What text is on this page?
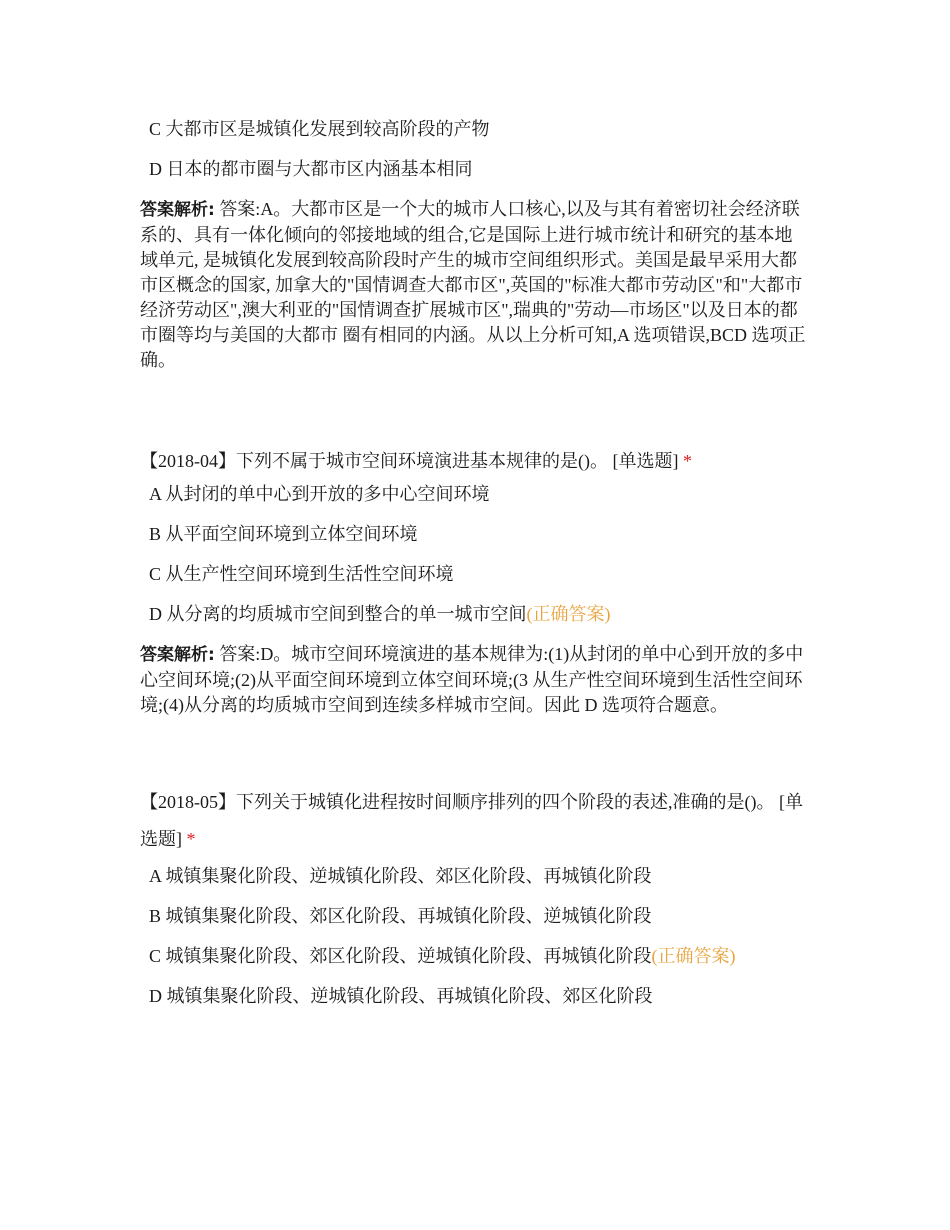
C 大都市区是城镇化发展到较高阶段的产物
D 日本的都市圈与大都市区内涵基本相同

答案解析: 答案:A。大都市区是一个大的城市人口核心,以及与其有着密切社会经济联 系的、具有一体化倾向的邻接地域的组合,它是国际上进行城市统计和研究的基本地域单元, 是城镇化发展到较高阶段时产生的城市空间组织形式。美国是最早采用大都市区概念的国家, 加拿大的"国情调查大都市区",英国的"标准大都市劳动区"和"大都市经济劳动区",澳大利亚的"国情调查扩展城市区",瑞典的"劳动—市场区"以及日本的都市圈等均与美国的大都市 圈有相同的内涵。从以上分析可知,A 选项错误,BCD 选项正确。

【2018-04】下列不属于城市空间环境演进基本规律的是()。 [单选题] *

A 从封闭的单中心到开放的多中心空间环境
B 从平面空间环境到立体空间环境
C 从生产性空间环境到生活性空间环境
D 从分离的均质城市空间到整合的单一城市空间(正确答案)

答案解析: 答案:D。城市空间环境演进的基本规律为:(1)从封闭的单中心到开放的多中心空间环境;(2)从平面空间环境到立体空间环境;(3 从生产性空间环境到生活性空间环境;(4)从分离的均质城市空间到连续多样城市空间。因此 D 选项符合题意。

【2018-05】下列关于城镇化进程按时间顺序排列的四个阶段的表述,准确的是()。 [单选题] *

A 城镇集聚化阶段、逆城镇化阶段、郊区化阶段、再城镇化阶段
B 城镇集聚化阶段、郊区化阶段、再城镇化阶段、逆城镇化阶段
C 城镇集聚化阶段、郊区化阶段、逆城镇化阶段、再城镇化阶段(正确答案)
D 城镇集聚化阶段、逆城镇化阶段、再城镇化阶段、郊区化阶段
